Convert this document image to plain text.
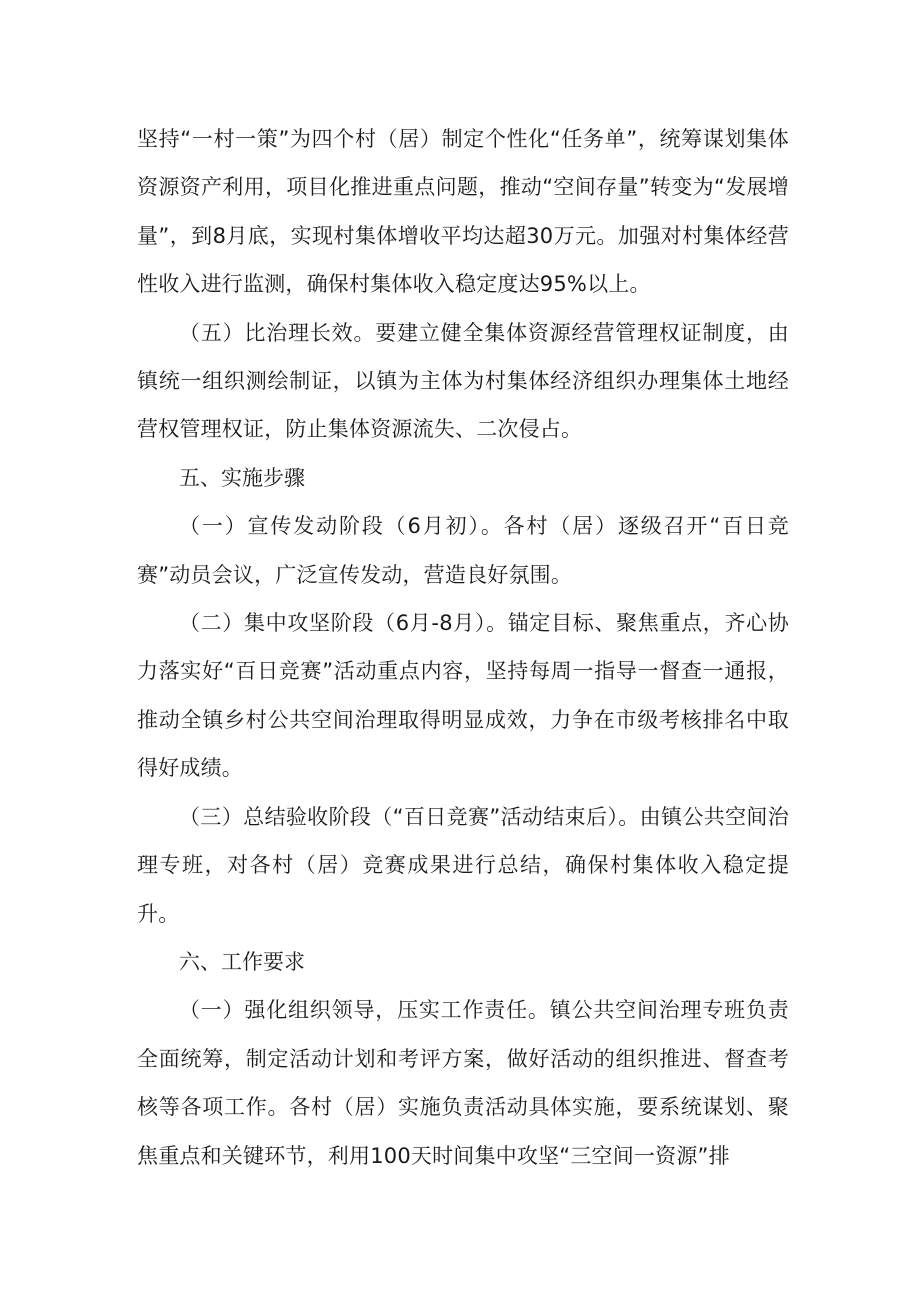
坚持“一村一策”为四个村（居）制定个性化“任务单”，统筹谋划集体资源资产利用，项目化推进重点问题，推动“空间存量”转变为“发展增量”，到8月底，实现村集体增收平均达超30万元。加强对村集体经营性收入进行监测，确保村集体收入稳定度达95%以上。

（五）比治理长效。要建立健全集体资源经营管理权证制度，由镇统一组织测绘制证，以镇为主体为村集体经济组织办理集体土地经营权管理权证，防止集体资源流失、二次侵占。

五、实施步骤

（一）宣传发动阶段（6月初）。各村（居）逐级召开“百日竞赛”动员会议，广泛宣传发动，营造良好氛围。

（二）集中攻坚阶段（6月-8月）。锚定目标、聚焦重点，齐心协力落实好“百日竞赛”活动重点内容，坚持每周一指导一督查一通报，推动全镇乡村公共空间治理取得明显成效，力争在市级考核排名中取得好成绩。

（三）总结验收阶段（“百日竞赛”活动结束后）。由镇公共空间治理专班，对各村（居）竞赛成果进行总结，确保村集体收入稳定提升。

六、工作要求

（一）强化组织领导，压实工作责任。镇公共空间治理专班负责全面统筹，制定活动计划和考评方案，做好活动的组织推进、督查考核等各项工作。各村（居）实施负责活动具体实施，要系统谋划、聚焦重点和关键环节，利用100天时间集中攻坚“三空间一资源”排
